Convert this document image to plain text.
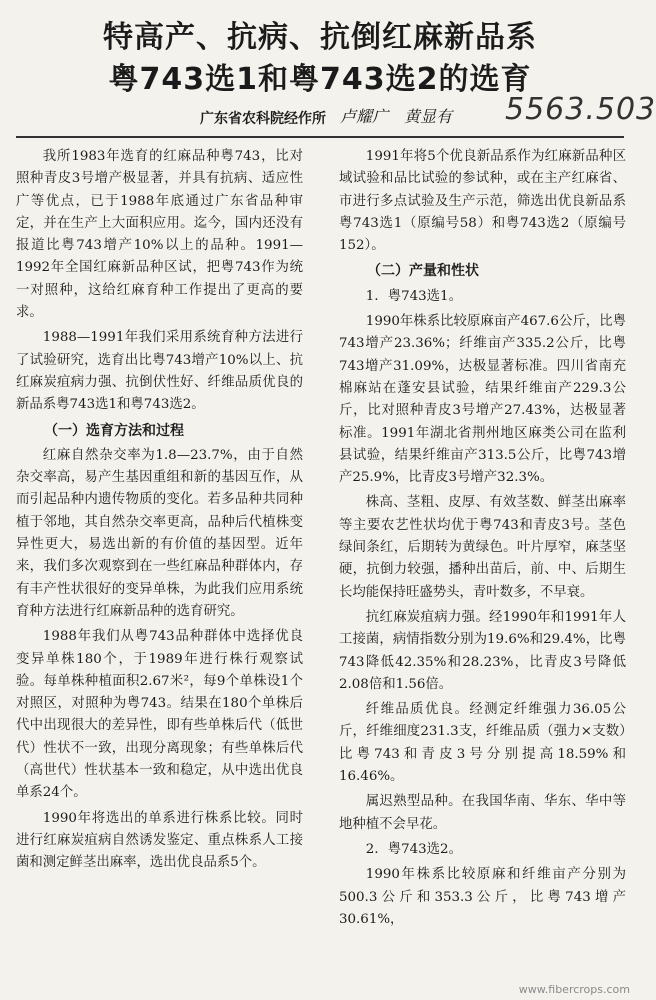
特高产、抗病、抗倒红麻新品系
粤743选1和粤743选2的选育
广东省农科院经作所 卢耀广 黄显有 5563.503

我所1983年选育的红麻品种粤743，比对照种青皮3号增产极显著，并具有抗病、适应性广等优点，已于1988年底通过广东省品种审定，并在生产上大面积应用。迄今，国内还没有报道比粤743增产10%以上的品种。1991—1992年全国红麻新品种区试，把粤743作为统一对照种，这给红麻育种工作提出了更高的要求。

1988—1991年我们采用系统育种方法进行了试验研究，选育出比粤743增产10%以上、抗红麻炭疽病力强、抗倒伏性好、纤维品质优良的新品系粤743选1和粤743选2。

（一）选育方法和过程

红麻自然杂交率为1.8—23.7%，由于自然杂交率高，易产生基因重组和新的基因互作，从而引起品种内遗传物质的变化。若多品种共同种植于邻地，其自然杂交率更高，品种后代植株变异性更大，易选出新的有价值的基因型。近年来，我们多次观察到在一些红麻品种群体内，存有丰产性状很好的变异单株，为此我们应用系统育种方法进行红麻新品种的选育研究。

1988年我们从粤743品种群体中选择优良变异单株180个，于1989年进行株行观察试验。每单株种植面积2.67米²，每9个单株设1个对照区，对照种为粤743。结果在180个单株后代中出现很大的差异性，即有些单株后代（低世代）性状不一致，出现分离现象；有些单株后代（高世代）性状基本一致和稳定，从中选出优良单系24个。

1990年将选出的单系进行株系比较。同时进行红麻炭疽病自然诱发鉴定、重点株系人工接菌和测定鲜茎出麻率，选出优良品系5个。

1991年将5个优良新品系作为红麻新品种区域试验和品比试验的参试种，或在主产红麻省、市进行多点试验及生产示范，筛选出优良新品系粤743选1（原编号58）和粤743选2（原编号152）。

（二）产量和性状

1．粤743选1。

1990年株系比较原麻亩产467.6公斤，比粤743增产23.36%；纤维亩产335.2公斤，比粤743增产31.09%，达极显著标准。四川省南充棉麻站在蓬安县试验，结果纤维亩产229.3公斤，比对照种青皮3号增产27.43%，达极显著标准。1991年湖北省荆州地区麻类公司在监利县试验，结果纤维亩产313.5公斤，比粤743增产25.9%，比青皮3号增产32.3%。

株高、茎粗、皮厚、有效茎数、鲜茎出麻率等主要农艺性状均优于粤743和青皮3号。茎色绿间条红，后期转为黄绿色。叶片厚窄，麻茎坚硬，抗倒力较强，播种出苗后，前、中、后期生长均能保持旺盛势头，青叶数多，不早衰。

抗红麻炭疽病力强。经1990年和1991年人工接菌，病情指数分别为19.6%和29.4%，比粤743降低42.35%和28.23%，比青皮3号降低2.08倍和1.56倍。

纤维品质优良。经测定纤维强力36.05公斤，纤维细度231.3支，纤维品质（强力×支数）比粤743和青皮3号分别提高18.59%和16.46%。

属迟熟型品种。在我国华南、华东、华中等地种植不会早花。

2．粤743选2。

1990年株系比较原麻和纤维亩产分别为500.3公斤和353.3公斤，比粤743增产30.61%，

www.fibercrops.com
